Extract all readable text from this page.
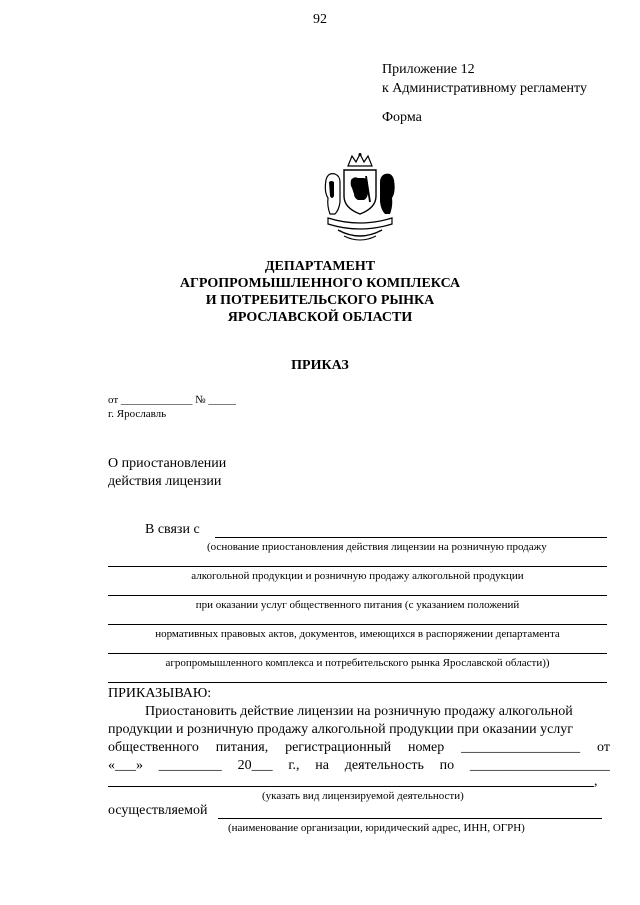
92
Приложение 12
к Административному регламенту
Форма
ДЕПАРТАМЕНТ
АГРОПРОМЫШЛЕННОГО КОМПЛЕКСА
И ПОТРЕБИТЕЛЬСКОГО РЫНКА
ЯРОСЛАВСКОЙ ОБЛАСТИ
ПРИКАЗ
от _____________ № _____
г. Ярославль
О приостановлении
действия лицензии
В связи с
(основание приостановления действия лицензии на розничную продажу
алкогольной продукции и розничную продажу алкогольной продукции
при оказании услуг общественного питания (с указанием положений
нормативных правовых актов, документов, имеющихся в распоряжении департамента
агропромышленного комплекса и потребительского рынка Ярославской области))
ПРИКАЗЫВАЮ:
Приостановить действие лицензии на розничную продажу алкогольной
продукции и розничную продажу алкогольной продукции при оказании услуг
общественного питания, регистрационный номер _________________ от
«___» _________ 20___ г., на деятельность по ____________________
,
(указать вид лицензируемой деятельности)
осуществляемой
(наименование организации, юридический адрес, ИНН, ОГРН)
